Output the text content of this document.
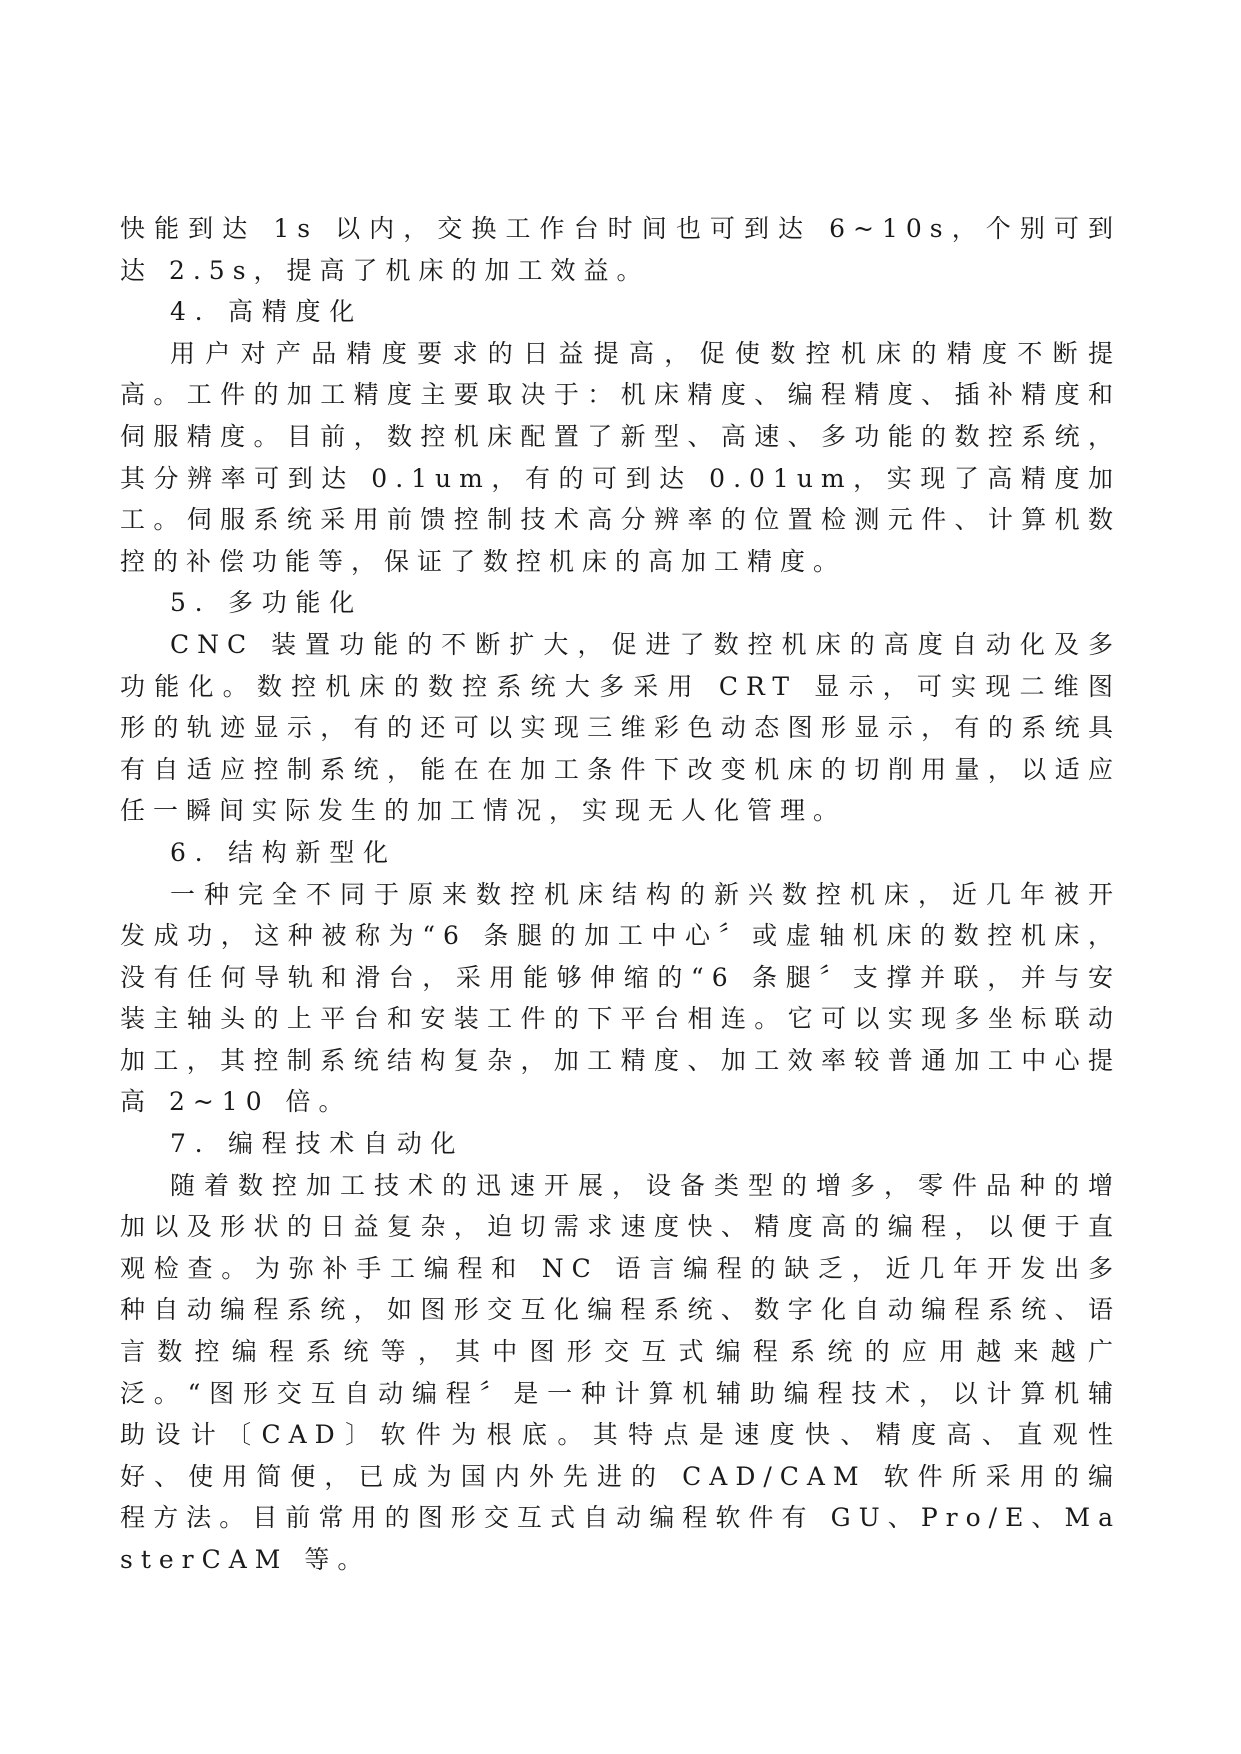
快能到达 1s 以内，交换工作台时间也可到达 6~10s，个别可到达 2.5s，提高了机床的加工效益。

4. 高精度化

用户对产品精度要求的日益提高，促使数控机床的精度不断提高。工件的加工精度主要取决于：机床精度、编程精度、插补精度和伺服精度。目前，数控机床配置了新型、高速、多功能的数控系统，其分辨率可到达 0.1um，有的可到达 0.01um，实现了高精度加工。伺服系统采用前馈控制技术高分辨率的位置检测元件、计算机数控的补偿功能等，保证了数控机床的高加工精度。

5. 多功能化

CNC 装置功能的不断扩大，促进了数控机床的高度自动化及多功能化。数控机床的数控系统大多采用 CRT 显示，可实现二维图形的轨迹显示，有的还可以实现三维彩色动态图形显示，有的系统具有自适应控制系统，能在在加工条件下改变机床的切削用量，以适应任一瞬间实际发生的加工情况，实现无人化管理。

6. 结构新型化

一种完全不同于原来数控机床结构的新兴数控机床，近几年被开发成功，这种被称为“6 条腿的加工中心〞或虚轴机床的数控机床，没有任何导轨和滑台，采用能够伸缩的“6 条腿〞支撑并联，并与安装主轴头的上平台和安装工件的下平台相连。它可以实现多坐标联动加工，其控制系统结构复杂，加工精度、加工效率较普通加工中心提高 2~10 倍。

7. 编程技术自动化

随着数控加工技术的迅速开展，设备类型的增多，零件品种的增加以及形状的日益复杂，迫切需求速度快、精度高的编程，以便于直观检查。为弥补手工编程和 NC 语言编程的缺乏，近几年开发出多种自动编程系统，如图形交互化编程系统、数字化自动编程系统、语言数控编程系统等，其中图形交互式编程系统的应用越来越广泛。“图形交互自动编程〞是一种计算机辅助编程技术，以计算机辅助设计〔CAD〕软件为根底。其特点是速度快、精度高、直观性好、使用简便，已成为国内外先进的 CAD/CAM 软件所采用的编程方法。目前常用的图形交互式自动编程软件有 GU、Pro/E、MasterCAM 等。
